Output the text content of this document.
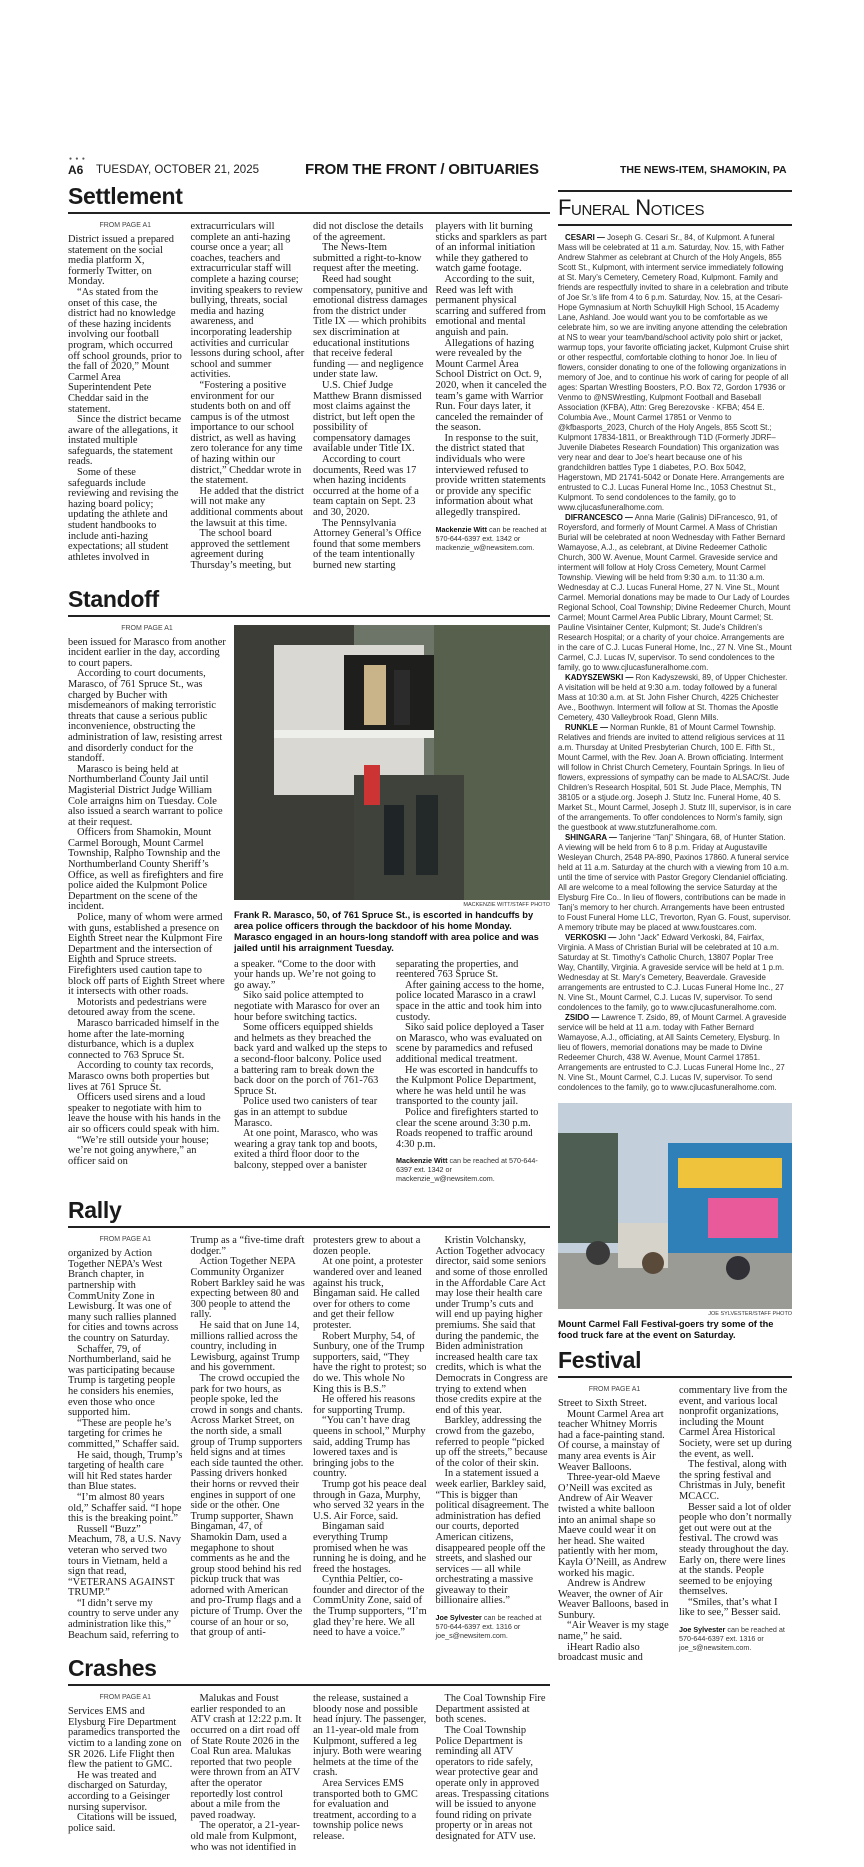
● ● ●
A6 TUESDAY, OCTOBER 21, 2025	FROM THE FRONT / OBITUARIES	THE NEWS-ITEM, SHAMOKIN, PA
Settlement
FROM PAGE A1

District issued a prepared statement on the social media platform X, formerly Twitter, on Monday.

“As stated from the onset of this case, the district had no knowledge of these hazing incidents involving our football program, which occurred off school grounds, prior to the fall of 2020,” Mount Carmel Area Superintendent Pete Cheddar said in the statement.

Since the district became aware of the allegations, it instated multiple safeguards, the statement reads.

Some of these safeguards include reviewing and revising the hazing board policy; updating the athlete and student handbooks to include anti-hazing expectations; all student athletes involved in extracurriculars will complete an anti-hazing course once a year; all coaches, teachers and extracurricular staff will complete a hazing course; inviting speakers to review bullying, threats, social media and hazing awareness, and incorporating leadership activities and curricular lessons during school, after school and summer activities.

“Fostering a positive environment for our students both on and off campus is of the utmost importance to our school district, as well as having zero tolerance for any time of hazing within our district,” Cheddar wrote in the statement.

He added that the district will not make any additional comments about the lawsuit at this time.

The school board approved the settlement agreement during Thursday’s meeting, but did not disclose the details of the agreement.

The News-Item submitted a right-to-know request after the meeting.

Reed had sought compensatory, punitive and emotional distress damages from the district under Title IX — which prohibits sex discrimination at educational institutions that receive federal funding — and negligence under state law.

U.S. Chief Judge Matthew Brann dismissed most claims against the district, but left open the possibility of compensatory damages available under Title IX.

According to court documents, Reed was 17 when hazing incidents occurred at the home of a team captain on Sept. 23 and 30, 2020.

The Pennsylvania Attorney General’s Office found that some members of the team intentionally burned new starting players with lit burning sticks and sparklers as part of an informal initiation while they gathered to watch game footage.

According to the suit, Reed was left with permanent physical scarring and suffered from emotional and mental anguish and pain.

Allegations of hazing were revealed by the Mount Carmel Area School District on Oct. 9, 2020, when it canceled the team’s game with Warrior Run. Four days later, it canceled the remainder of the season.

In response to the suit, the district stated that individuals who were interviewed refused to provide written statements or provide any specific information about what allegedly transpired.

Mackenzie Witt can be reached at 570-644-6397 ext. 1342 or mackenzie_w@newsitem.com.
Standoff
FROM PAGE A1

been issued for Marasco from another incident earlier in the day, according to court papers.

According to court documents, Marasco, of 761 Spruce St., was charged by Bucher with misdemeanors of making terroristic threats that cause a serious public inconvenience, obstructing the administration of law, resisting arrest and disorderly conduct for the standoff.

Marasco is being held at Northumberland County Jail until Magisterial District Judge William Cole arraigns him on Tuesday. Cole also issued a search warrant to police at their request.

Officers from Shamokin, Mount Carmel Borough, Mount Carmel Township, Ralpho Township and the Northumberland County Sheriff’s Office, as well as firefighters and fire police aided the Kulpmont Police Department on the scene of the incident.

Police, many of whom were armed with guns, established a presence on Eighth Street near the Kulpmont Fire Department and the intersection of Eighth and Spruce streets. Firefighters used caution tape to block off parts of Eighth Street where it intersects with other roads.

Motorists and pedestrians were detoured away from the scene.

Marasco barricaded himself in the home after the late-morning disturbance, which is a duplex connected to 763 Spruce St.

According to county tax records, Marasco owns both properties but lives at 761 Spruce St.

Officers used sirens and a loud speaker to negotiate with him to leave the house with his hands in the air so officers could speak with him.

“We’re still outside your house; we’re not going anywhere,” an officer said on

MACKENZIE WITT/STAFF PHOTO
Frank R. Marasco, 50, of 761 Spruce St., is escorted in handcuffs by area police officers through the backdoor of his home Monday. Marasco engaged in an hours-long standoff with area police and was jailed until his arraignment Tuesday.

a speaker. “Come to the door with your hands up. We’re not going to go away.”

Siko said police attempted to negotiate with Marasco for over an hour before switching tactics.

Some officers equipped shields and helmets as they breached the back yard and walked up the steps to a second-floor balcony. Police used a battering ram to break down the back door on the porch of 761-763 Spruce St.

Police used two canisters of tear gas in an attempt to subdue Marasco.

At one point, Marasco, who was wearing a gray tank top and boots, exited a third floor door to the balcony, stepped over a banister separating the properties, and reentered 763 Spruce St.

After gaining access to the home, police located Marasco in a crawl space in the attic and took him into custody.

Siko said police deployed a Taser on Marasco, who was evaluated on scene by paramedics and refused additional medical treatment.

He was escorted in handcuffs to the Kulpmont Police Department, where he was held until he was transported to the county jail.

Police and firefighters started to clear the scene around 3:30 p.m. Roads reopened to traffic around 4:30 p.m.

Mackenzie Witt can be reached at 570-644-6397 ext. 1342 or mackenzie_w@newsitem.com.
Rally
FROM PAGE A1

organized by Action Together NEPA’s West Branch chapter, in partnership with CommUnity Zone in Lewisburg. It was one of many such rallies planned for cities and towns across the country on Saturday.

Schaffer, 79, of Northumberland, said he was participating because Trump is targeting people he considers his enemies, even those who once supported him.

“These are people he’s targeting for crimes he committed,” Schaffer said.

He said, though, Trump’s targeting of health care will hit Red states harder than Blue states.

“I’m almost 80 years old,” Schaffer said. “I hope this is the breaking point.”

Russell “Buzz” Meachum, 78, a U.S. Navy veteran who served two tours in Vietnam, held a sign that read, “VETERANS AGAINST TRUMP.”

“I didn’t serve my country to serve under any administration like this,” Beachum said, referring to Trump as a “five-time draft dodger.”

Action Together NEPA Community Organizer Robert Barkley said he was expecting between 80 and 300 people to attend the rally.

He said that on June 14, millions rallied across the country, including in Lewisburg, against Trump and his government.

The crowd occupied the park for two hours, as people spoke, led the crowd in songs and chants. Across Market Street, on the north side, a small group of Trump supporters held signs and at times each side taunted the other. Passing drivers honked their horns or revved their engines in support of one side or the other. One Trump supporter, Shawn Bingaman, 47, of Shamokin Dam, used a megaphone to shout comments as he and the group stood behind his red pickup truck that was adorned with American and pro-Trump flags and a picture of Trump. Over the course of an hour or so, that group of anti-protesters grew to about a dozen people.

At one point, a protester wandered over and leaned against his truck, Bingaman said. He called over for others to come and get their fellow protester.

Robert Murphy, 54, of Sunbury, one of the Trump supporters, said, “They have the right to protest; so do we. This whole No King this is B.S.”

He offered his reasons for supporting Trump.

“You can’t have drag queens in school,” Murphy said, adding Trump has lowered taxes and is bringing jobs to the country.

Trump got his peace deal through in Gaza, Murphy, who served 32 years in the U.S. Air Force, said.

Bingaman said everything Trump promised when he was running he is doing, and he freed the hostages.

Cynthia Peltier, co-founder and director of the CommUnity Zone, said of the Trump supporters, “I’m glad they’re here. We all need to have a voice.”

Kristin Volchansky, Action Together advocacy director, said some seniors and some of those enrolled in the Affordable Care Act may lose their health care under Trump’s cuts and will end up paying higher premiums. She said that during the pandemic, the Biden administration increased health care tax credits, which is what the Democrats in Congress are trying to extend when those credits expire at the end of this year.

Barkley, addressing the crowd from the gazebo, referred to people “picked up off the streets,” because of the color of their skin.

In a statement issued a week earlier, Barkley said, “This is bigger than political disagreement. The administration has defied our courts, deported American citizens, disappeared people off the streets, and slashed our services — all while orchestrating a massive giveaway to their billionaire allies.”

Joe Sylvester can be reached at 570-644-6397 ext. 1316 or joe_s@newsitem.com.
Crashes
FROM PAGE A1

Services EMS and Elysburg Fire Department paramedics transported the victim to a landing zone on SR 2026. Life Flight then flew the patient to GMC.

He was treated and discharged on Saturday, according to a Geisinger nursing supervisor.

Citations will be issued, police said.

Malukas and Foust earlier responded to an ATV crash at 12:22 p.m. It occurred on a dirt road off of State Route 2026 in the Coal Run area. Malukas reported that two people were thrown from an ATV after the operator reportedly lost control about a mile from the paved roadway.

The operator, a 21-year-old male from Kulpmont, who was not identified in the release, sustained a bloody nose and possible head injury. The passenger, an 11-year-old male from Kulpmont, suffered a leg injury. Both were wearing helmets at the time of the crash.

Area Services EMS transported both to GMC for evaluation and treatment, according to a township police news release.

The Coal Township Fire Department assisted at both scenes.

The Coal Township Police Department is reminding all ATV operators to ride safely, wear protective gear and operate only in approved areas. Trespassing citations will be issued to anyone found riding on private property or in areas not designated for ATV use.

Funeral Notices

CESARI — Joseph G. Cesari Sr., 84, of Kulpmont. A funeral Mass will be celebrated at 11 a.m. Saturday, Nov. 15, with Father Andrew Stahmer as celebrant at Church of the Holy Angels, 855 Scott St., Kulpmont, with interment service immediately following at St. Mary’s Cemetery, Cemetery Road, Kulpmont. Family and friends are respectfully invited to share in a celebration and tribute of Joe Sr.’s life from 4 to 6 p.m. Saturday, Nov. 15, at the Cesari-Hope Gymnasium at North Schuylkill High School, 15 Academy Lane, Ashland. Joe would want you to be comfortable as we celebrate him, so we are inviting anyone attending the celebration at NS to wear your team/band/school activity polo shirt or jacket, warmup tops, your favorite officiating jacket, Kulpmont Cruise shirt or other respectful, comfortable clothing to honor Joe. In lieu of flowers, consider donating to one of the following organizations in memory of Joe, and to continue his work of caring for people of all ages: Spartan Wrestling Boosters, P.O. Box 72, Gordon 17936 or Venmo to @NSWrestling, Kulpmont Football and Baseball Association (KFBA), Attn: Greg Berezovske · KFBA; 454 E. Columbia Ave., Mount Carmel 17851 or Venmo to @kfbasports_2023, Church of the Holy Angels, 855 Scott St.; Kulpmont 17834-1811, or Breakthrough T1D (Formerly JDRF–Juvenile Diabetes Research Foundation) This organization was very near and dear to Joe’s heart because one of his grandchildren battles Type 1 diabetes, P.O. Box 5042, Hagerstown, MD 21741-5042 or Donate Here. Arrangements are entrusted to C.J. Lucas Funeral Home Inc., 1053 Chestnut St., Kulpmont. To send condolences to the family, go to www.cjlucasfuneralhome.com.

DIFRANCESCO — Anna Marie (Galinis) DiFrancesco, 91, of Royersford, and formerly of Mount Carmel. A Mass of Christian Burial will be celebrated at noon Wednesday with Father Bernard Wamayose, A.J., as celebrant, at Divine Redeemer Catholic Church, 300 W. Avenue, Mount Carmel. Graveside service and interment will follow at Holy Cross Cemetery, Mount Carmel Township. Viewing will be held from 9:30 a.m. to 11:30 a.m. Wednesday at C.J. Lucas Funeral Home, 27 N. Vine St., Mount Carmel. Memorial donations may be made to Our Lady of Lourdes Regional School, Coal Township; Divine Redeemer Church, Mount Carmel; Mount Carmel Area Public Library, Mount Carmel; St. Pauline Visintainer Center, Kulpmont; St. Jude’s Children’s Research Hospital; or a charity of your choice. Arrangements are in the care of C.J. Lucas Funeral Home, Inc., 27 N. Vine St., Mount Carmel, C.J. Lucas IV, supervisor. To send condolences to the family, go to www.cjlucasfuneralhome.com.

KADYSZEWSKI — Ron Kadyszewski, 89, of Upper Chichester. A visitation will be held at 9:30 a.m. today followed by a funeral Mass at 10:30 a.m. at St. John Fisher Church, 4225 Chichester Ave., Boothwyn. Interment will follow at St. Thomas the Apostle Cemetery, 430 Valleybrook Road, Glenn Mills.

RUNKLE — Norman Runkle, 81 of Mount Carmel Township. Relatives and friends are invited to attend religious services at 11 a.m. Thursday at United Presbyterian Church, 100 E. Fifth St., Mount Carmel, with the Rev. Joan A. Brown officiating. Interment will follow in Christ Church Cemetery, Fountain Springs. In lieu of flowers, expressions of sympathy can be made to ALSAC/St. Jude Children’s Research Hospital, 501 St. Jude Place, Memphis, TN 38105 or a stjude.org. Joseph J. Stutz Inc. Funeral Home, 40 S. Market St., Mount Carmel, Joseph J. Stutz III, supervisor, is in care of the arrangements. To offer condolences to Norm’s family, sign the guestbook at www.stutzfuneralhome.com.

SHINGARA — Tanjerine “Tanj” Shingara, 68, of Hunter Station. A viewing will be held from 6 to 8 p.m. Friday at Augustaville Wesleyan Church, 2548 PA-890, Paxinos 17860. A funeral service held at 11 a.m. Saturday at the church with a viewing from 10 a.m. until the time of service with Pastor Gregory Clendaniel officiating. All are welcome to a meal following the service Saturday at the Elysburg Fire Co.. In lieu of flowers, contributions can be made in Tanj’s memory to her church. Arrangements have been entrusted to Foust Funeral Home LLC, Trevorton, Ryan G. Foust, supervisor. A memory tribute may be placed at www.foustcares.com.

VERKOSKI — John “Jack” Edward Verkoski, 84, Fairfax, Virginia. A Mass of Christian Burial will be celebrated at 10 a.m. Saturday at St. Timothy’s Catholic Church, 13807 Poplar Tree Way, Chantilly, Virginia. A graveside service will be held at 1 p.m. Wednesday at St. Mary’s Cemetery, Beaverdale. Graveside arrangements are entrusted to C.J. Lucas Funeral Home Inc., 27 N. Vine St., Mount Carmel, C.J. Lucas IV, supervisor. To send condolences to the family, go to www.cjlucasfuneralhome.com.

ZSIDO — Lawrence T. Zsido, 89, of Mount Carmel. A graveside service will be held at 11 a.m. today with Father Bernard Wamayose, A.J., officiating, at All Saints Cemetery, Elysburg. In lieu of flowers, memorial donations may be made to Divine Redeemer Church, 438 W. Avenue, Mount Carmel 17851. Arrangements are entrusted to C.J. Lucas Funeral Home Inc., 27 N. Vine St., Mount Carmel, C.J. Lucas IV, supervisor. To send condolences to the family, go to www.cjlucasfuneralhome.com.

JOE SYLVESTER/STAFF PHOTO
Mount Carmel Fall Festival-goers try some of the food truck fare at the event on Saturday.
Festival
FROM PAGE A1

Street to Sixth Street.

Mount Carmel Area art teacher Whitney Morris had a face-painting stand. Of course, a mainstay of many area events is Air Weaver Balloons.

Three-year-old Maeve O’Neill was excited as Andrew of Air Weaver twisted a white balloon into an animal shape so Maeve could wear it on her head. She waited patiently with her mom, Kayla O’Neill, as Andrew worked his magic.

Andrew is Andrew Weaver, the owner of Air Weaver Balloons, based in Sunbury.

“Air Weaver is my stage name,” he said.

iHeart Radio also broadcast music and commentary live from the event, and various local nonprofit organizations, including the Mount Carmel Area Historical Society, were set up during the event, as well.

The festival, along with the spring festival and Christmas in July, benefit MCACC.

Besser said a lot of older people who don’t normally get out were out at the festival. The crowd was steady throughout the day. Early on, there were lines at the stands. People seemed to be enjoying themselves.

“Smiles, that’s what I like to see,” Besser said.

Joe Sylvester can be reached at 570-644-6397 ext. 1316 or joe_s@newsitem.com.
